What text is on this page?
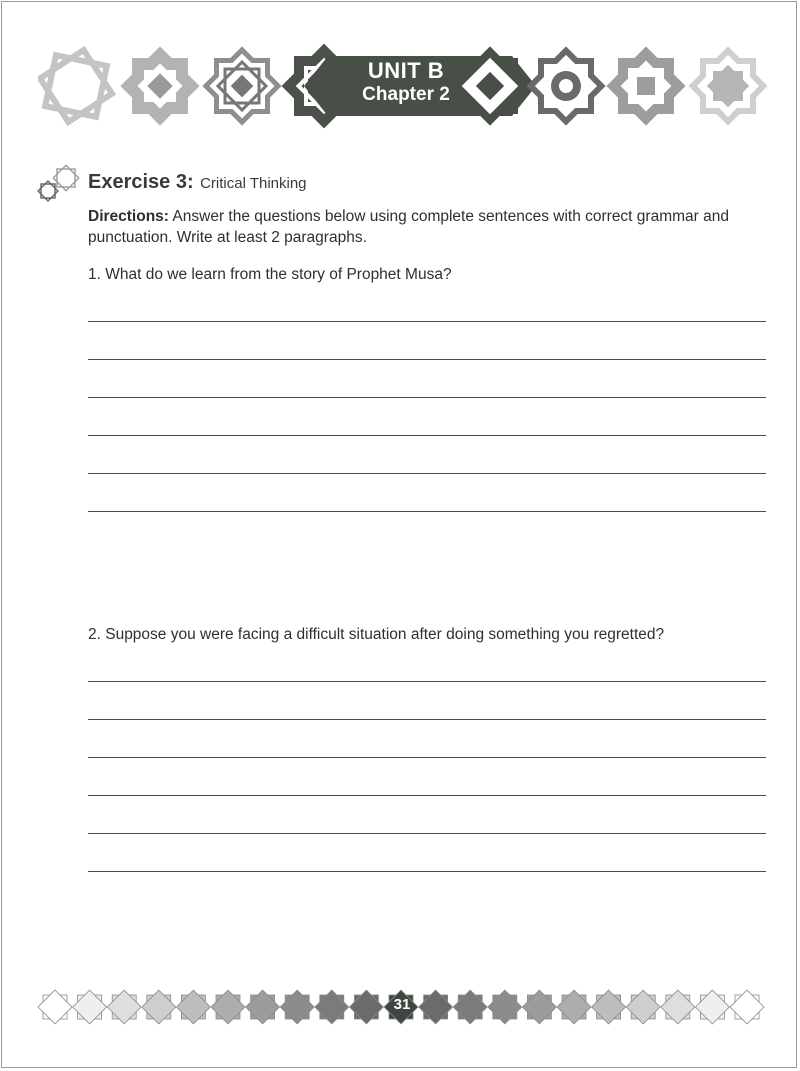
UNIT B
Chapter 2
Exercise 3: Critical Thinking
Directions: Answer the questions below using complete sentences with correct grammar and punctuation. Write at least 2 paragraphs.
1. What do we learn from the story of Prophet Musa?
2. Suppose you were facing a difficult situation after doing something you regretted?
31
